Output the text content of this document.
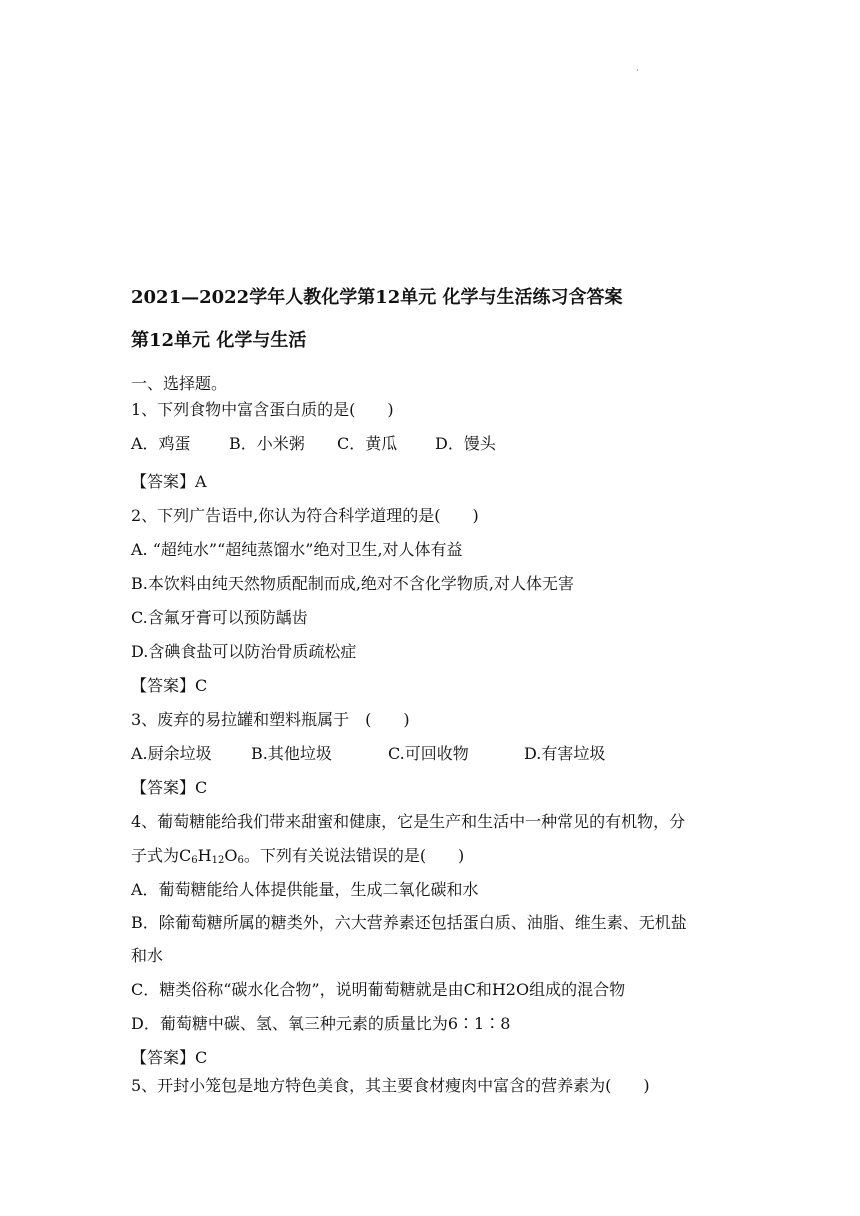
·
2021—2022学年人教化学第12单元 化学与生活练习含答案
第12单元 化学与生活
一、选择题。
1、下列食物中富含蛋白质的是(　　)
A．鸡蛋 B．小米粥 C．黄瓜 D．馒头
【答案】A
2、下列广告语中,你认为符合科学道理的是(　　)
A. “超纯水”“超纯蒸馏水”绝对卫生,对人体有益
B.本饮料由纯天然物质配制而成,绝对不含化学物质,对人体无害
C.含氟牙膏可以预防龋齿
D.含碘食盐可以防治骨质疏松症
【答案】C
3、废弃的易拉罐和塑料瓶属于　(　　)
A.厨余垃圾 B.其他垃圾	C.可回收物	D.有害垃圾
【答案】C
4、葡萄糖能给我们带来甜蜜和健康，它是生产和生活中一种常见的有机物，分
子式为$C_6H_{12}O_6$。下列有关说法错误的是(　　)
A．葡萄糖能给人体提供能量，生成二氧化碳和水
B．除葡萄糖所属的糖类外，六大营养素还包括蛋白质、油脂、维生素、无机盐
和水
C．糖类俗称“碳水化合物”，说明葡萄糖就是由C和H2O组成的混合物
D．葡萄糖中碳、氢、氧三种元素的质量比为6∶1∶8
【答案】C
5、开封小笼包是地方特色美食，其主要食材瘦肉中富含的营养素为(　　)
